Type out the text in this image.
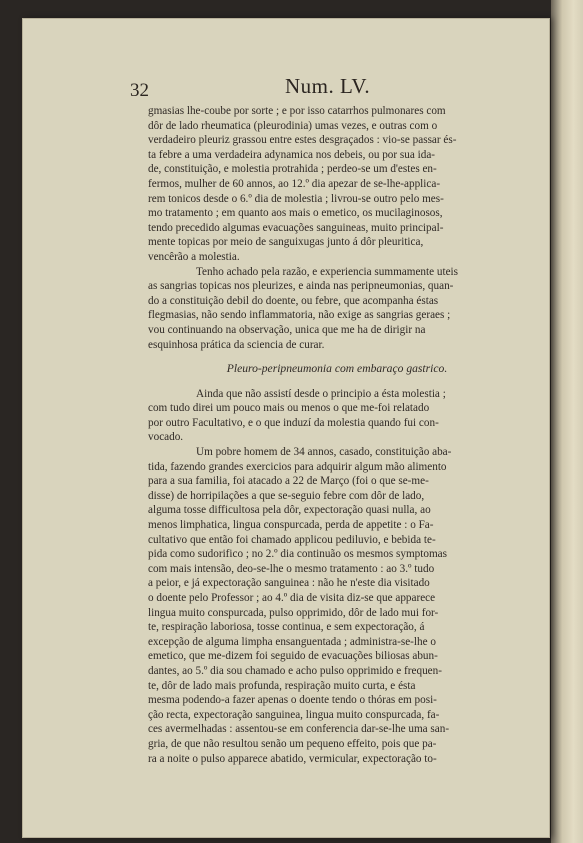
32	Num. LV.
gmasias lhe-coube por sorte ; e por isso catarrhos pulmonares com
dôr de lado rheumatica (pleurodinia) umas vezes, e outras com o
verdadeiro pleuriz grassou entre estes desgraçados : vio-se passar és-
ta febre a uma verdadeira adynamica nos debeis, ou por sua ida-
de, constituição, e molestia protrahida ; perdeo-se um d'estes en-
fermos, mulher de 60 annos, ao 12.º dia apezar de se-lhe-applica-
rem tonicos desde o 6.º dia de molestia ; livrou-se outro pelo mes-
mo tratamento ; em quanto aos mais o emetico, os mucilaginosos,
tendo precedido algumas evacuações sanguineas, muito principal-
mente topicas por meio de sanguixugas junto á dôr pleuritica,
vencêrão a molestia.
Tenho achado pela razão, e experiencia summamente uteis
as sangrias topicas nos pleurizes, e ainda nas peripneumonias, quan-
do a constituição debil do doente, ou febre, que acompanha éstas
flegmasias, não sendo inflammatoria, não exige as sangrias geraes ;
vou continuando na observação, unica que me ha de dirigir na
esquinhosa prática da sciencia de curar.
Pleuro-peripneumonia com embaraço gastrico.
Ainda que não assistí desde o principio a ésta molestia ;
com tudo direi um pouco mais ou menos o que me-foi relatado
por outro Facultativo, e o que induzí da molestia quando fui con-
vocado.
Um pobre homem de 34 annos, casado, constituição aba-
tida, fazendo grandes exercicios para adquirir algum mão alimento
para a sua familia, foi atacado a 22 de Março (foi o que se-me-
disse) de horripilações a que se-seguio febre com dôr de lado,
alguma tosse difficultosa pela dôr, expectoração quasi nulla, ao
menos limphatica, lingua conspurcada, perda de appetite : o Fa-
cultativo que então foi chamado applicou pediluvio, e bebida te-
pida como sudorifico ; no 2.º dia continuão os mesmos symptomas
com mais intensão, deo-se-lhe o mesmo tratamento : ao 3.º tudo
a peior, e já expectoração sanguinea : não he n'este dia visitado
o doente pelo Professor ; ao 4.º dia de visita diz-se que apparece
lingua muito conspurcada, pulso opprimido, dôr de lado mui for-
te, respiração laboriosa, tosse continua, e sem expectoração, á
excepção de alguma limpha ensanguentada ; administra-se-lhe o
emetico, que me-dizem foi seguido de evacuações biliosas abun-
dantes, ao 5.º dia sou chamado e acho pulso opprimido e frequen-
te, dôr de lado mais profunda, respiração muito curta, e ésta
mesma podendo-a fazer apenas o doente tendo o thóras em posi-
ção recta, expectoração sanguinea, lingua muito conspurcada, fa-
ces avermelhadas : assentou-se em conferencia dar-se-lhe uma san-
gria, de que não resultou senão um pequeno effeito, pois que pa-
ra a noite o pulso apparece abatido, vermicular, expectoração to-
